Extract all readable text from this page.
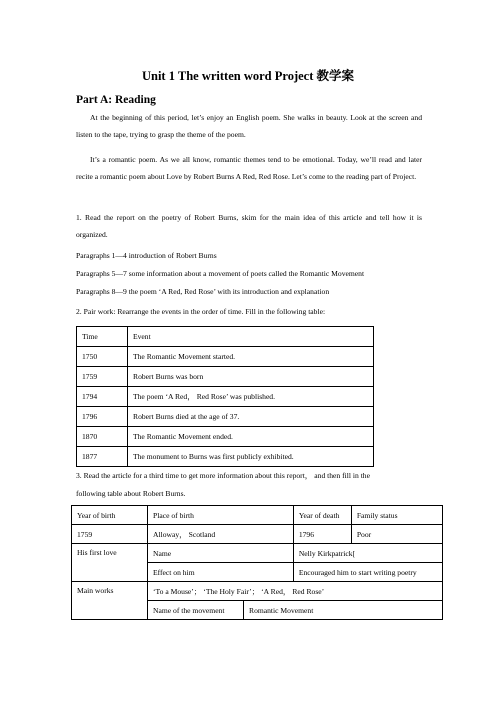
Unit 1 The written word Project 教学案
Part A: Reading
At the beginning of this period, let’s enjoy an English poem. She walks in beauty. Look at the screen and listen to the tape, trying to grasp the theme of the poem.
It’s a romantic poem. As we all know, romantic themes tend to be emotional. Today, we’ll read and later recite a romantic poem about Love by Robert Burns A Red, Red Rose. Let’s come to the reading part of Project.
1. Read the report on the poetry of Robert Burns, skim for the main idea of this article and tell how it is organized.
Paragraphs 1—4 introduction of Robert Burns
Paragraphs 5—7 some information about a movement of poets called the Romantic Movement
Paragraphs 8—9 the poem ‘A Red, Red Rose’ with its introduction and explanation
2. Pair work: Rearrange the events in the order of time. Fill in the following table:
Time	Event
1750	The Romantic Movement started.
1759	Robert Burns was born
1794	The poem ‘A Red， Red Rose’ was published.
1796	Robert Burns died at the age of 37.
1870	The Romantic Movement ended.
1877	The monument to Burns was first publicly exhibited.
3. Read the article for a third time to get more information about this report， and then fill in the
following table about Robert Burns.
Year of birth	Place of birth		Year of death	Family status
1759	Alloway， Scotland		1796	Poor
His first love	Name		Nelly Kirkpatrick[	
	Effect on him		Encouraged him to start writing poetry	
Main works	‘To a Mouse’； ‘The Holy Fair’； ‘A Red， Red Rose’			
	Name of the movement	Romantic Movement		
